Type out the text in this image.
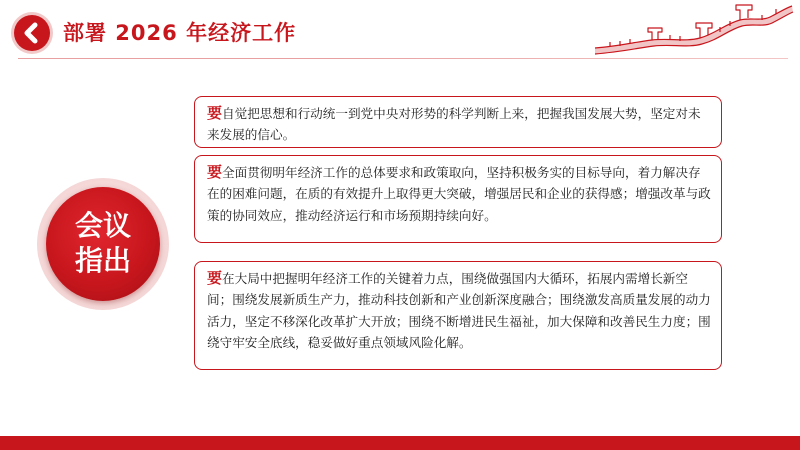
部署 2026 年经济工作
会议
指出

要自觉把思想和行动统一到党中央对形势的科学判断上来，把握我国发展大势，坚定对未来发展的信心。

要全面贯彻明年经济工作的总体要求和政策取向，坚持积极务实的目标导向，着力解决存在的困难问题，在质的有效提升上取得更大突破，增强居民和企业的获得感；增强改革与政策的协同效应，推动经济运行和市场预期持续向好。

要在大局中把握明年经济工作的关键着力点，围绕做强国内大循环，拓展内需增长新空间；围绕发展新质生产力，推动科技创新和产业创新深度融合；围绕激发高质量发展的动力活力，坚定不移深化改革扩大开放；围绕不断增进民生福祉，加大保障和改善民生力度；围绕守牢安全底线，稳妥做好重点领域风险化解。
